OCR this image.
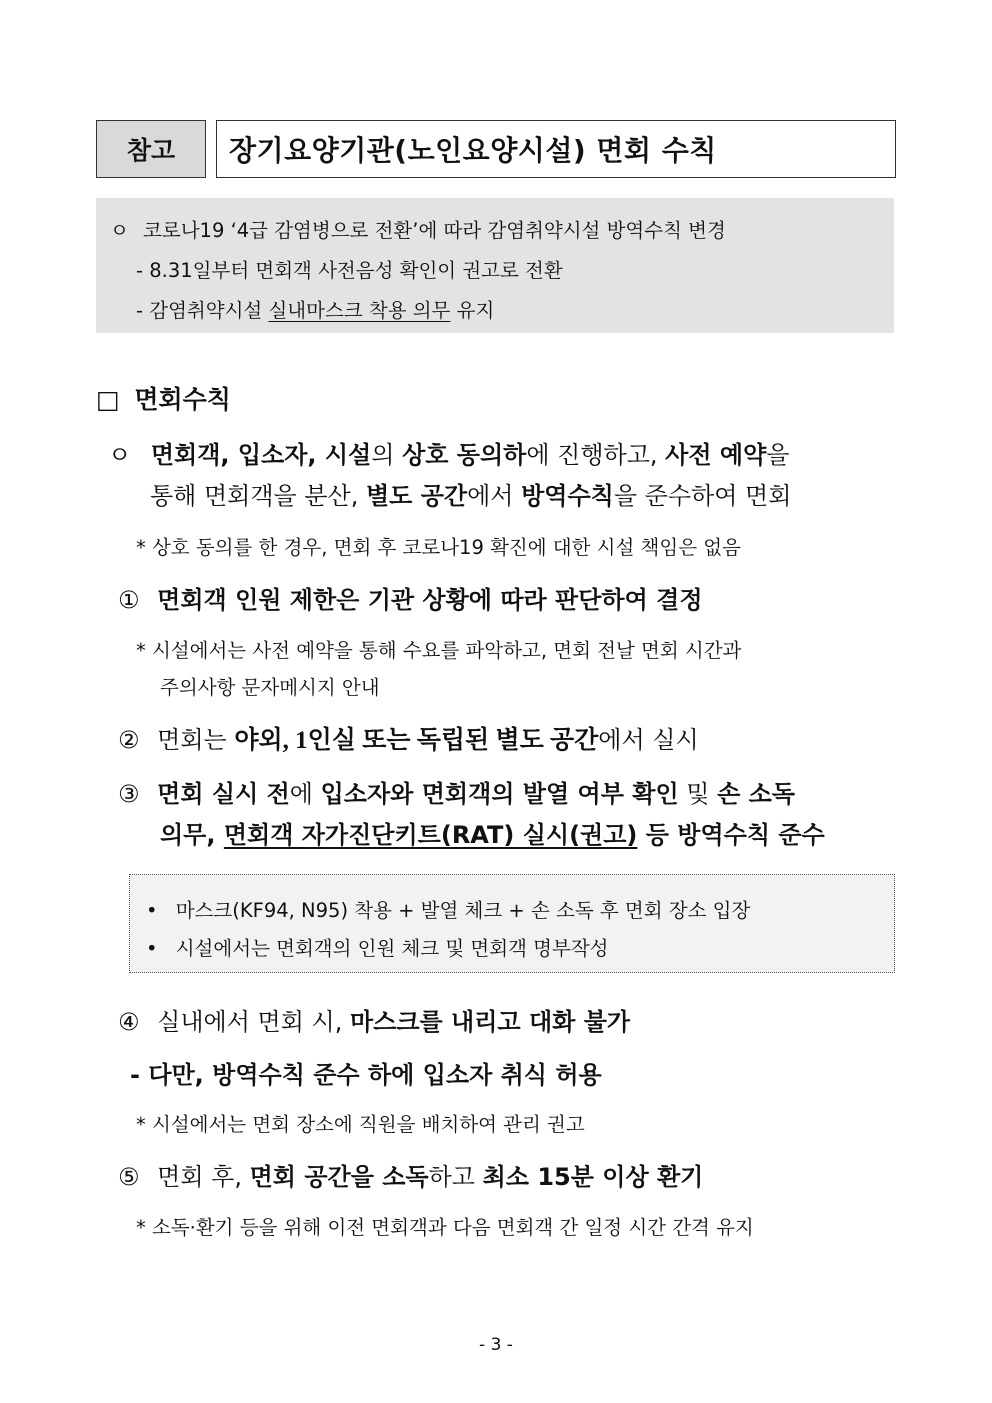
참고	장기요양기관(노인요양시설) 면회 수칙
ㅇ 코로나19 ‘4급 감염병으로 전환’에 따라 감염취약시설 방역수칙 변경
- 8.31일부터 면회객 사전음성 확인이 권고로 전환
- 감염취약시설 실내마스크 착용 의무 유지
□ 면회수칙
ㅇ 면회객, 입소자, 시설의 상호 동의하에 진행하고, 사전 예약을
통해 면회객을 분산, 별도 공간에서 방역수칙을 준수하여 면회
* 상호 동의를 한 경우, 면회 후 코로나19 확진에 대한 시설 책임은 없음
① 면회객 인원 제한은 기관 상황에 따라 판단하여 결정
* 시설에서는 사전 예약을 통해 수요를 파악하고, 면회 전날 면회 시간과
주의사항 문자메시지 안내
② 면회는 야외, 1인실 또는 독립된 별도 공간에서 실시
③ 면회 실시 전에 입소자와 면회객의 발열 여부 확인 및 손 소독
의무, 면회객 자가진단키트(RAT) 실시(권고) 등 방역수칙 준수
• 마스크(KF94, N95) 착용 + 발열 체크 + 손 소독 후 면회 장소 입장
• 시설에서는 면회객의 인원 체크 및 면회객 명부작성
④ 실내에서 면회 시, 마스크를 내리고 대화 불가
- 다만, 방역수칙 준수 하에 입소자 취식 허용
* 시설에서는 면회 장소에 직원을 배치하여 관리 권고
⑤ 면회 후, 면회 공간을 소독하고 최소 15분 이상 환기
* 소독·환기 등을 위해 이전 면회객과 다음 면회객 간 일정 시간 간격 유지
- 3 -
